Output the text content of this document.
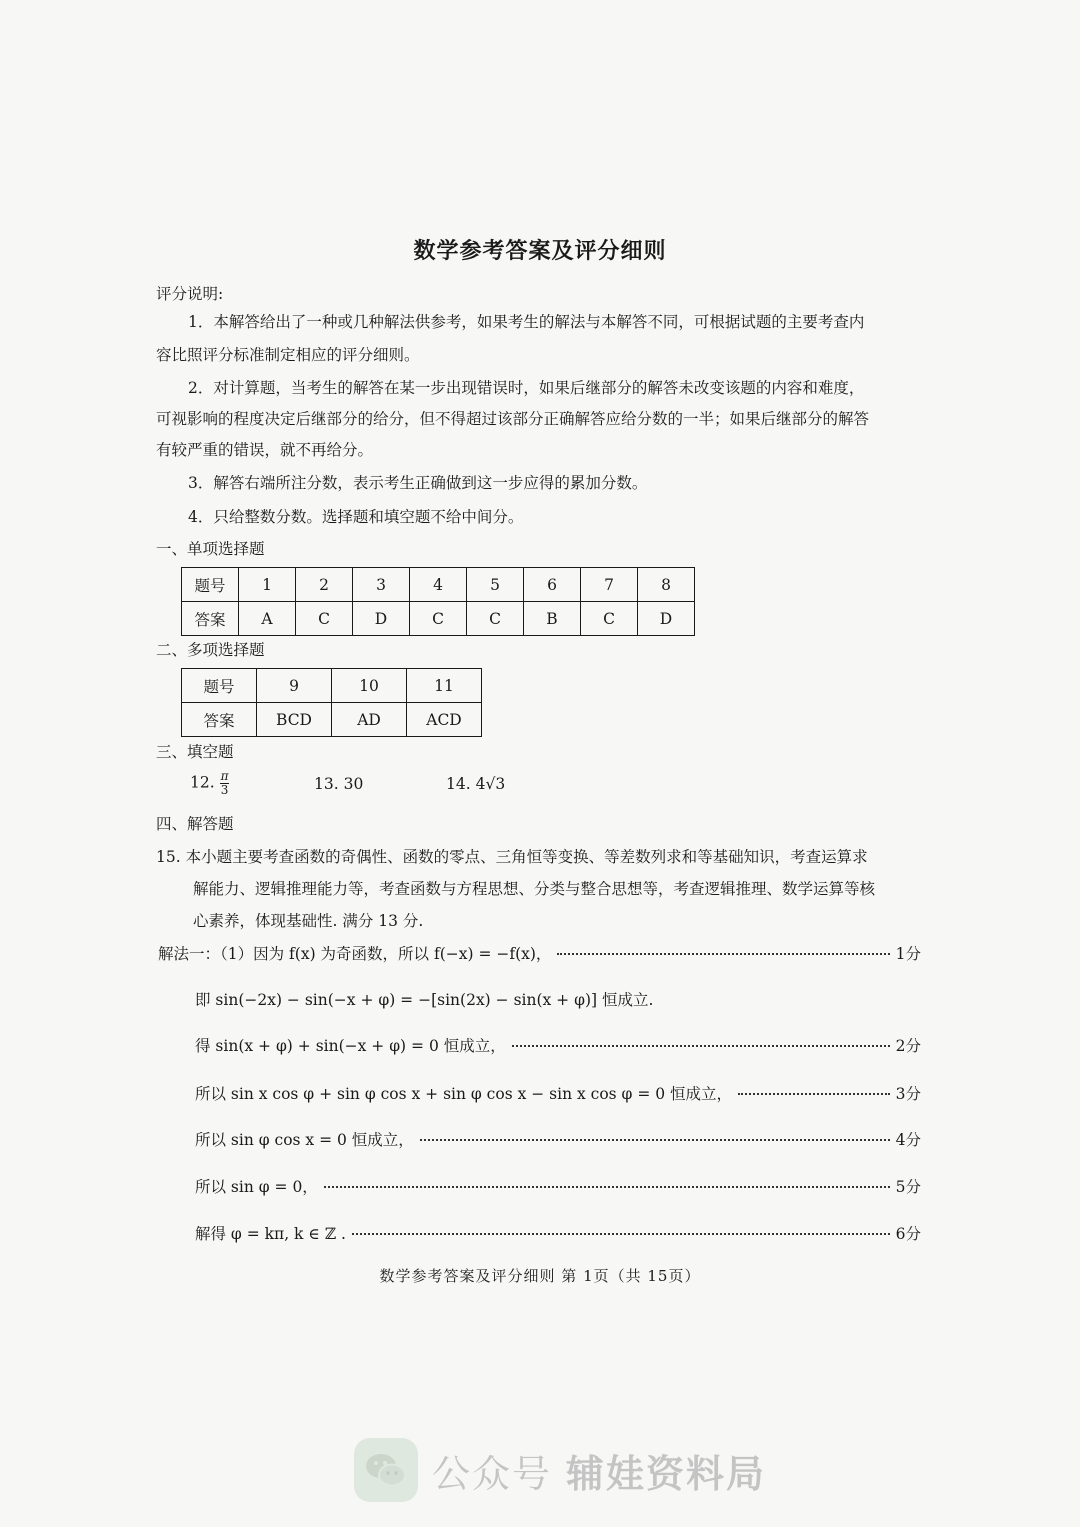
数学参考答案及评分细则
评分说明:
1．本解答给出了一种或几种解法供参考，如果考生的解法与本解答不同，可根据试题的主要考查内
容比照评分标准制定相应的评分细则。
2．对计算题，当考生的解答在某一步出现错误时，如果后继部分的解答未改变该题的内容和难度，
可视影响的程度决定后继部分的给分，但不得超过该部分正确解答应给分数的一半；如果后继部分的解答
有较严重的错误，就不再给分。
3．解答右端所注分数，表示考生正确做到这一步应得的累加分数。
4．只给整数分数。选择题和填空题不给中间分。
一、单项选择题
题号	1	2	3	4	5	6	7	8
答案	A	C	D	C	C	B	C	D
二、多项选择题
题号	9	10	11
答案	BCD	AD	ACD
三、填空题
12. $\frac{\pi}{3}$	13. 30	14. 4√3
四、解答题
15. 本小题主要考查函数的奇偶性、函数的零点、三角恒等变换、等差数列求和等基础知识，考查运算求
解能力、逻辑推理能力等，考查函数与方程思想、分类与整合思想等，考查逻辑推理、数学运算等核
心素养，体现基础性. 满分 13 分.
解法一：（1）因为 f(x) 为奇函数，所以 f(−x) = −f(x)，	1分
即 sin(−2x) − sin(−x + φ) = −[sin(2x) − sin(x + φ)] 恒成立.
得 sin(x + φ) + sin(−x + φ) = 0 恒成立，	2分
所以 sin x cos φ + sin φ cos x + sin φ cos x − sin x cos φ = 0 恒成立，	3分
所以 sin φ cos x = 0 恒成立，	4分
所以 sin φ = 0，	5分
解得 φ = kπ, k ∈ ℤ .	6分
数学参考答案及评分细则 第 1页（共 15页）
公众号 辅娃资料局
